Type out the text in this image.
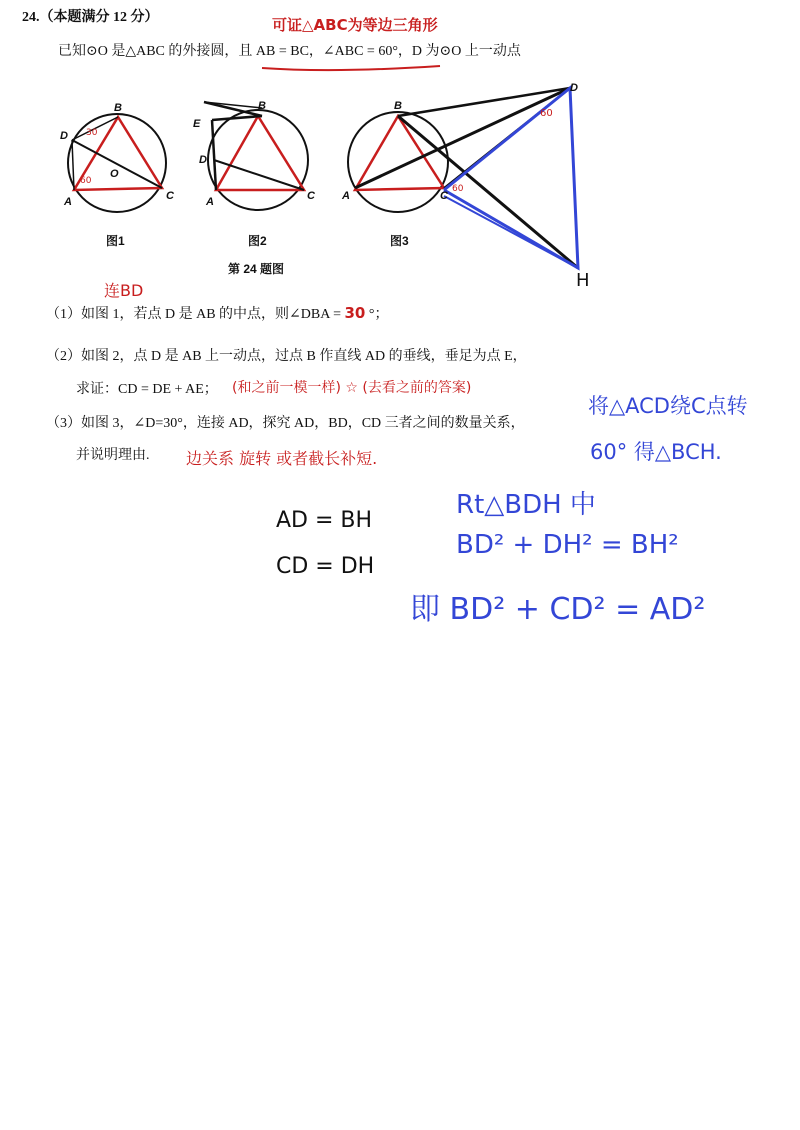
24.（本题满分 12 分）
已知⊙O 是△ABC 的外接圆，且 AB = BC，∠ABC = 60°，D 为⊙O 上一动点
可证△ABC为等边三角形
B
D
O
A	C
30
60
B
E
D
A	C
B
A	C
D
H
60
60
图1	图2	图3
第 24 题图
连BD
（1）如图 1，若点 D 是 AB 的中点，则∠DBA = 30 °；
（2）如图 2，点 D 是 AB 上一动点，过点 B 作直线 AD 的垂线，垂足为点 E，
求证：CD = DE + AE； (和之前一模一样) ☆ (去看之前的答案)
（3）如图 3，∠D=30°，连接 AD，探究 AD，BD，CD 三者之间的数量关系，
并说明理由. 边关系 旋转 或者截长补短.
将△ACD绕C点转
60° 得△BCH.
AD = BH
CD = DH
Rt△BDH 中
BD² + DH² = BH²
即 BD² + CD² = AD²
